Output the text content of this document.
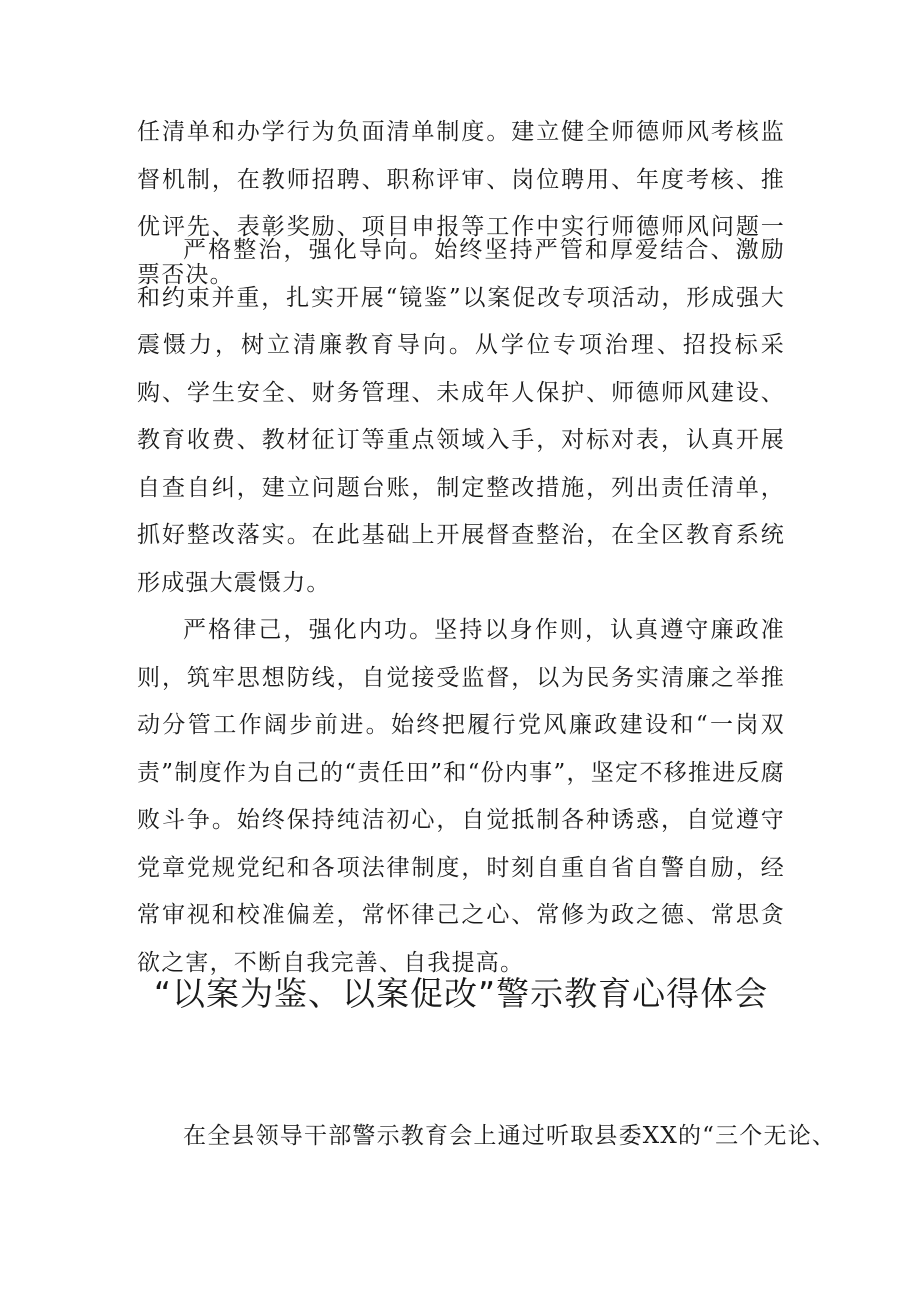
任清单和办学行为负面清单制度。建立健全师德师风考核监督机制，在教师招聘、职称评审、岗位聘用、年度考核、推优评先、表彰奖励、项目申报等工作中实行师德师风问题一票否决。

严格整治，强化导向。始终坚持严管和厚爱结合、激励和约束并重，扎实开展“镜鉴”以案促改专项活动，形成强大震慑力，树立清廉教育导向。从学位专项治理、招投标采购、学生安全、财务管理、未成年人保护、师德师风建设、教育收费、教材征订等重点领域入手，对标对表，认真开展自查自纠，建立问题台账，制定整改措施，列出责任清单，抓好整改落实。在此基础上开展督查整治，在全区教育系统形成强大震慑力。

严格律己，强化内功。坚持以身作则，认真遵守廉政准则，筑牢思想防线，自觉接受监督，以为民务实清廉之举推动分管工作阔步前进。始终把履行党风廉政建设和“一岗双责”制度作为自己的“责任田”和“份内事”，坚定不移推进反腐败斗争。始终保持纯洁初心，自觉抵制各种诱惑，自觉遵守党章党规党纪和各项法律制度，时刻自重自省自警自励，经常审视和校准偏差，常怀律己之心、常修为政之德、常思贪欲之害，不断自我完善、自我提高。

“以案为鉴、以案促改”警示教育心得体会

在全县领导干部警示教育会上通过听取县委XX的“三个无论、
